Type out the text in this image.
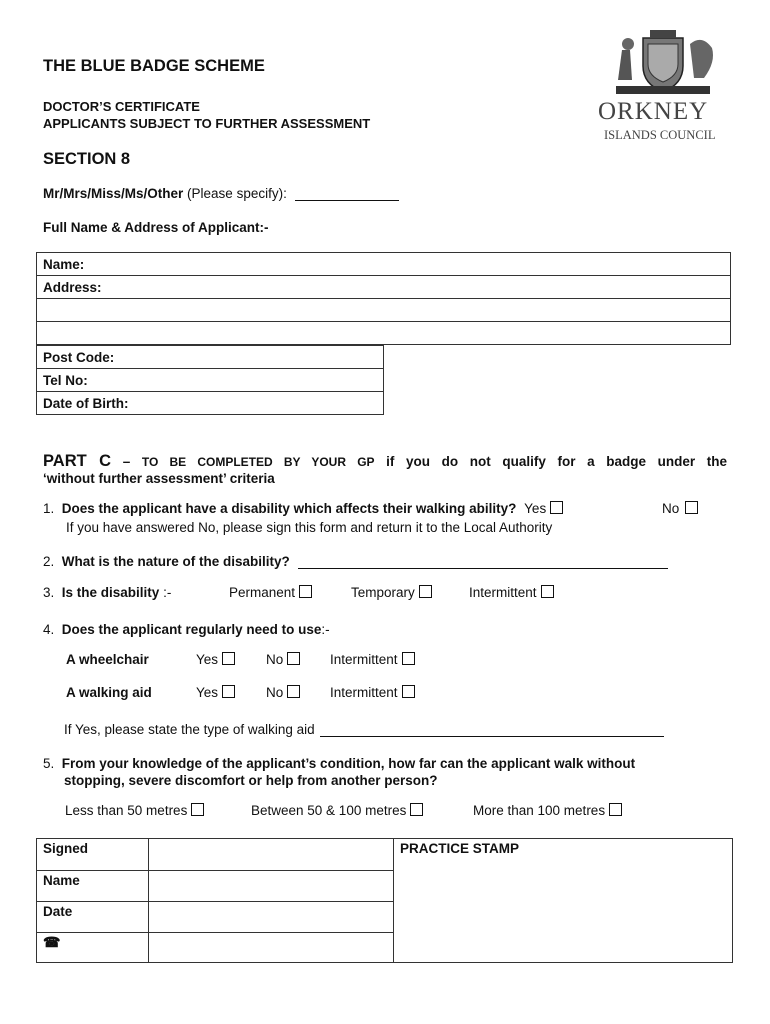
THE BLUE BADGE SCHEME
DOCTOR’S CERTIFICATE
APPLICANTS SUBJECT TO FURTHER ASSESSMENT
SECTION 8
ORKNEY
ISLANDS COUNCIL
Mr/Mrs/Miss/Ms/Other (Please specify):
Full Name & Address of Applicant:-
Name:
Address:

Post Code:
Tel No:
Date of Birth:
PART C – TO BE COMPLETED BY YOUR GP if you do not qualify for a badge under the
‘without further assessment’ criteria
1. Does the applicant have a disability which affects their walking ability? Yes	No
If you have answered No, please sign this form and return it to the Local Authority
2. What is the nature of the disability?
3. Is the disability :-	Permanent	Temporary	Intermittent
4. Does the applicant regularly need to use:-
A wheelchair	Yes	No	Intermittent
A walking aid	Yes	No	Intermittent
If Yes, please state the type of walking aid
5. From your knowledge of the applicant’s condition, how far can the applicant walk without
stopping, severe discomfort or help from another person?
Less than 50 metres	Between 50 & 100 metres	More than 100 metres
Signed		PRACTICE STAMP
Name		
Date		
☎		
